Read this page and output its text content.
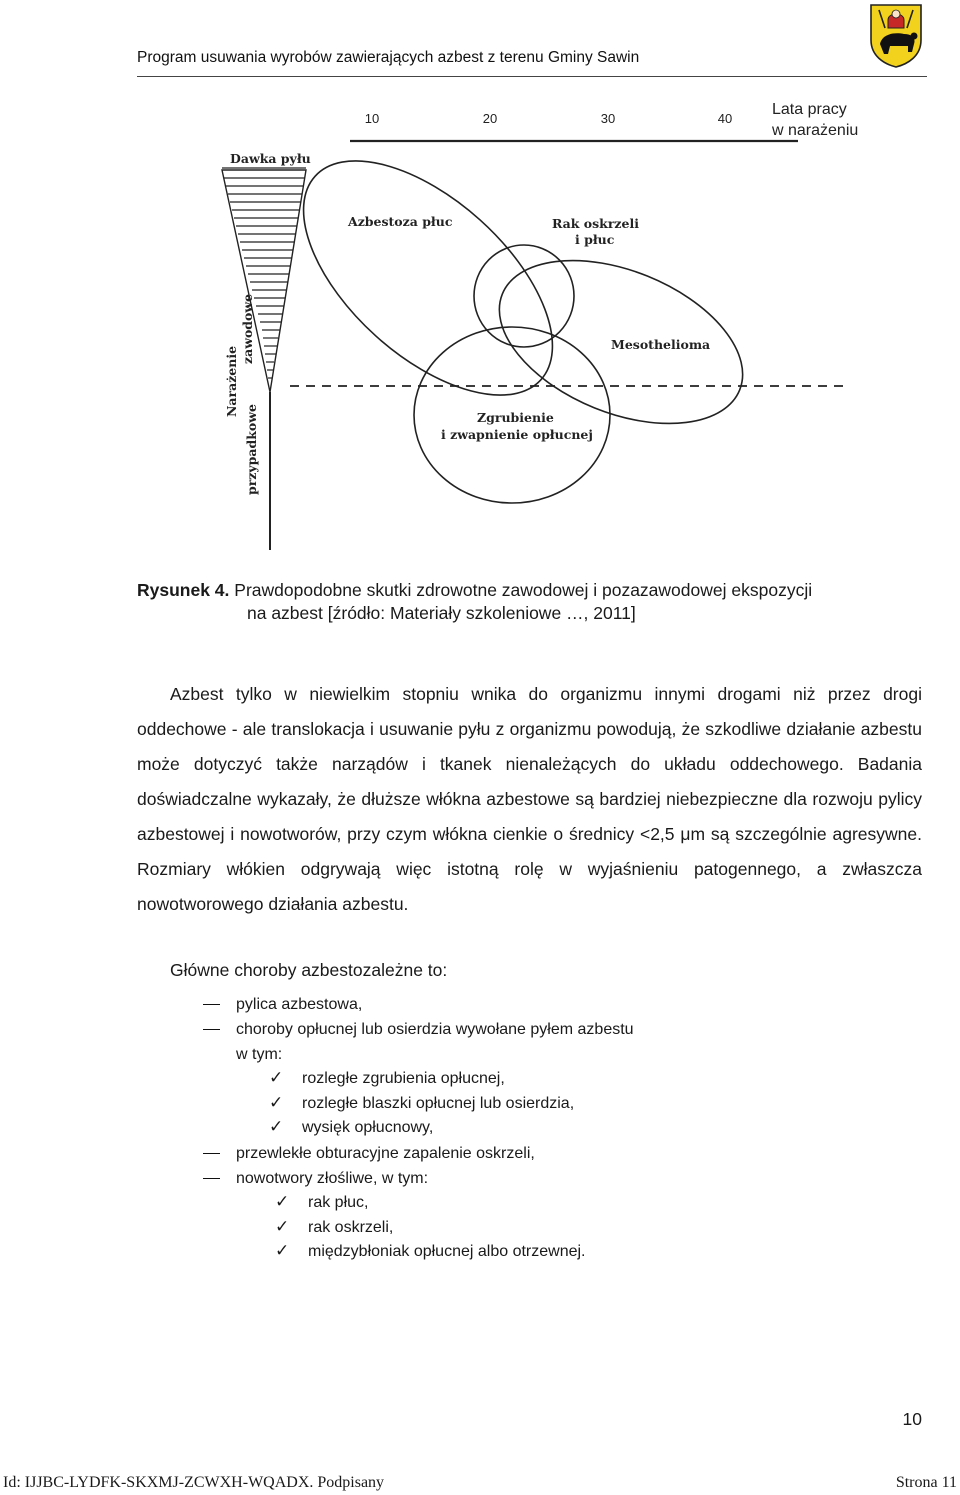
Program usuwania wyrobów zawierających azbest z terenu Gminy Sawin
10	20	30	40
Lata pracy
w narażeniu
Dawka pyłu
Narażenie
zawodowe
przypadkowe
Azbestoza płuc	Rak oskrzeli
i płuc
Mesothelioma
Zgrubienie
i zwapnienie opłucnej
Rysunek 4. Prawdopodobne skutki zdrowotne zawodowej i pozazawodowej ekspozycji
na azbest [źródło: Materiały szkoleniowe …, 2011]

Azbest tylko w niewielkim stopniu wnika do organizmu innymi drogami niż przez drogi oddechowe - ale translokacja i usuwanie pyłu z organizmu powodują, że szkodliwe działanie azbestu może dotyczyć także narządów i tkanek nienależących do układu oddechowego. Badania doświadczalne wykazały, że dłuższe włókna azbestowe są bardziej niebezpieczne dla rozwoju pylicy azbestowej i nowotworów, przy czym włókna cienkie o średnicy <2,5 μm są szczególnie agresywne. Rozmiary włókien odgrywają więc istotną rolę w wyjaśnieniu patogennego, a zwłaszcza nowotworowego działania azbestu.

Główne choroby azbestozależne to:
pylica azbestowa,
choroby opłucnej lub osierdzia wywołane pyłem azbestu
w tym:
✓ rozległe zgrubienia opłucnej,
✓ rozległe blaszki opłucnej lub osierdzia,
✓ wysięk opłucnowy,
przewlekłe obturacyjne zapalenie oskrzeli,
nowotwory złośliwe, w tym:
✓ rak płuc,
✓ rak oskrzeli,
✓ międzybłoniak opłucnej albo otrzewnej.
10
Id: IJJBC-LYDFK-SKXMJ-ZCWXH-WQADX. Podpisany	Strona 11
